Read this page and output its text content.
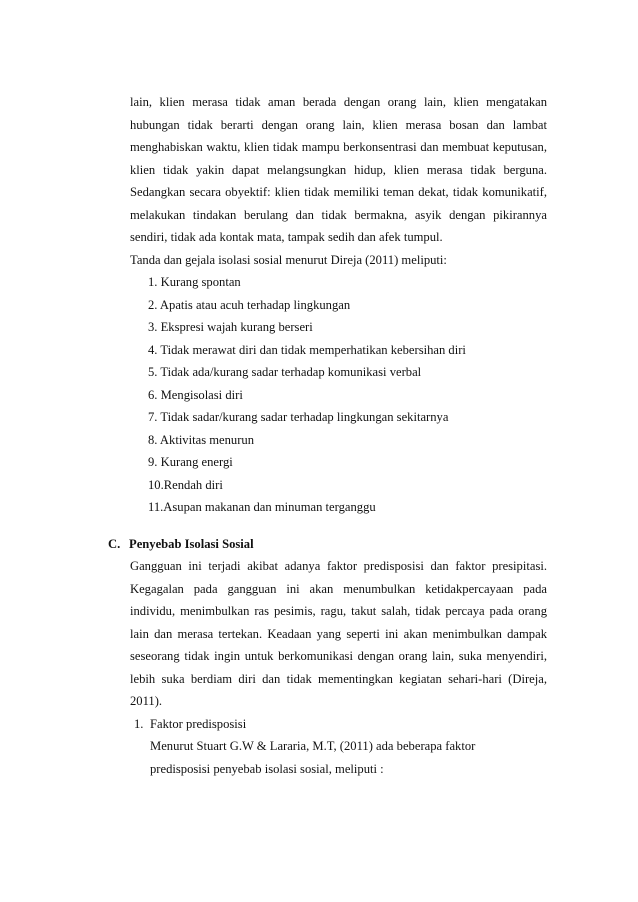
lain, klien merasa tidak aman berada dengan orang lain, klien mengatakan
hubungan tidak berarti dengan orang lain, klien merasa bosan dan lambat
menghabiskan waktu, klien tidak mampu berkonsentrasi dan membuat keputusan,
klien tidak yakin dapat melangsungkan hidup, klien merasa tidak berguna.
Sedangkan secara obyektif: klien tidak memiliki teman dekat, tidak komunikatif,
melakukan tindakan berulang dan tidak bermakna, asyik dengan pikirannya
sendiri, tidak ada kontak mata, tampak sedih dan afek tumpul.
Tanda dan gejala isolasi sosial menurut Direja (2011) meliputi:
1. Kurang spontan
2. Apatis atau acuh terhadap lingkungan
3. Ekspresi wajah kurang berseri
4. Tidak merawat diri dan tidak memperhatikan kebersihan diri
5. Tidak ada/kurang sadar terhadap komunikasi verbal
6. Mengisolasi diri
7. Tidak sadar/kurang sadar terhadap lingkungan sekitarnya
8. Aktivitas menurun
9. Kurang energi
10.Rendah diri
11.Asupan makanan dan minuman terganggu
C. Penyebab Isolasi Sosial
Gangguan ini terjadi akibat adanya faktor predisposisi dan faktor presipitasi.
Kegagalan pada gangguan ini akan menumbulkan ketidakpercayaan pada
individu, menimbulkan ras pesimis, ragu, takut salah, tidak percaya pada orang
lain dan merasa tertekan. Keadaan yang seperti ini akan menimbulkan dampak
seseorang tidak ingin untuk berkomunikasi dengan orang lain, suka menyendiri,
lebih suka berdiam diri dan tidak mementingkan kegiatan sehari-hari (Direja,
2011).
1. Faktor predisposisi
Menurut Stuart G.W & Lararia, M.T, (2011) ada beberapa faktor
predisposisi penyebab isolasi sosial, meliputi :
